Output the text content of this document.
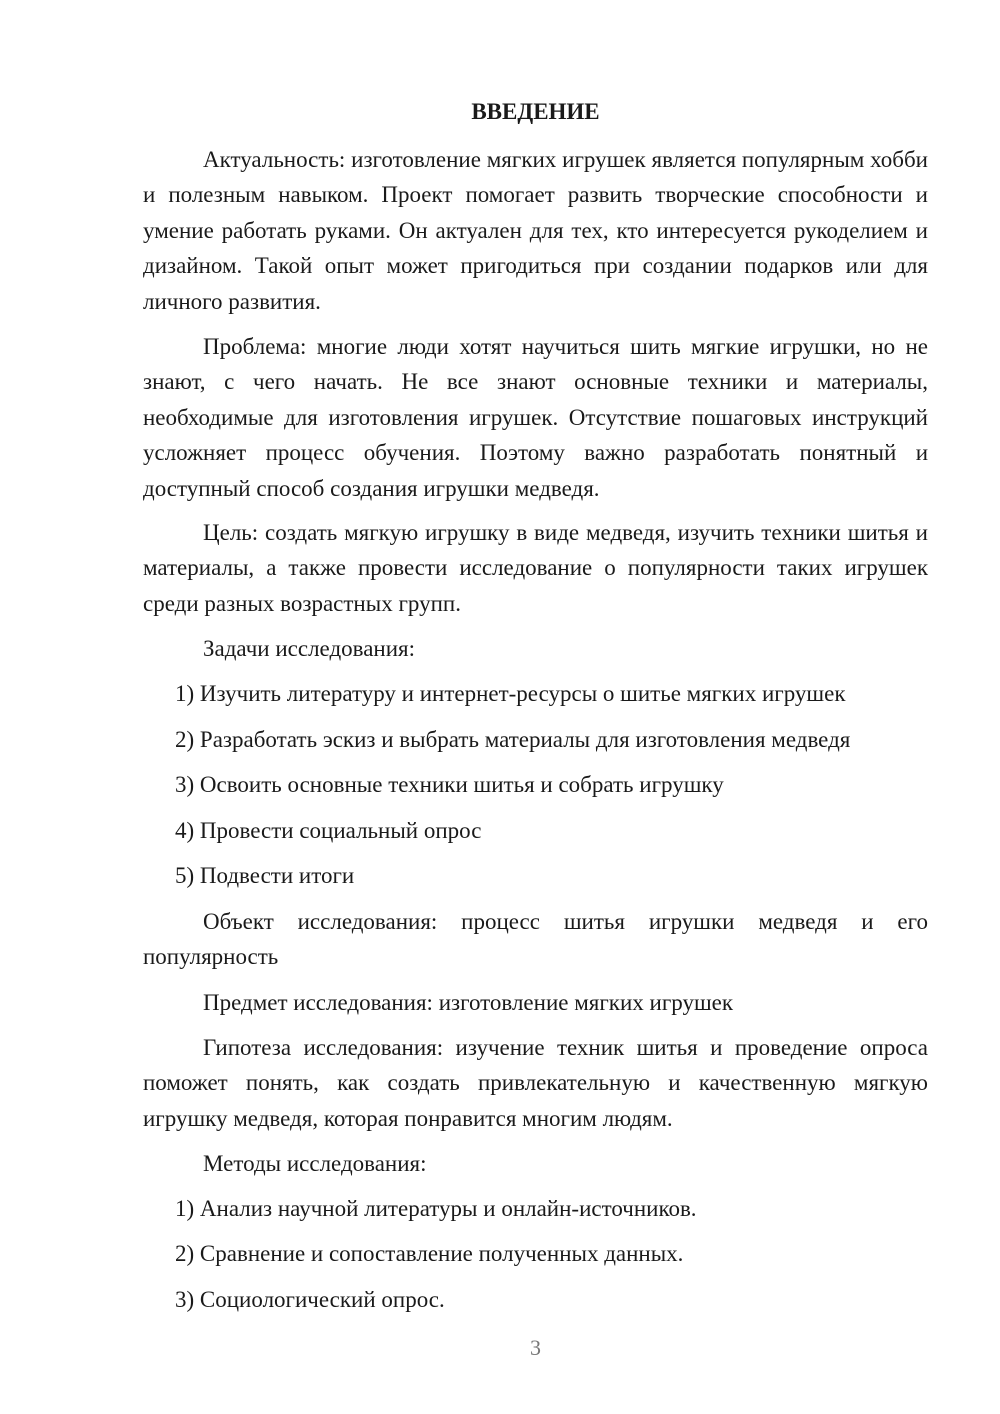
ВВЕДЕНИЕ

Актуальность: изготовление мягких игрушек является популярным хобби и полезным навыком. Проект помогает развить творческие способности и умение работать руками. Он актуален для тех, кто интересуется рукоделием и дизайном. Такой опыт может пригодиться при создании подарков или для личного развития.

Проблема: многие люди хотят научиться шить мягкие игрушки, но не знают, с чего начать. Не все знают основные техники и материалы, необходимые для изготовления игрушек. Отсутствие пошаговых инструкций усложняет процесс обучения. Поэтому важно разработать понятный и доступный способ создания игрушки медведя.

Цель: создать мягкую игрушку в виде медведя, изучить техники шитья и материалы, а также провести исследование о популярности таких игрушек среди разных возрастных групп.

Задачи исследования:

1) Изучить литературу и интернет-ресурсы о шитье мягких игрушек

2) Разработать эскиз и выбрать материалы для изготовления медведя

3) Освоить основные техники шитья и собрать игрушку

4) Провести социальный опрос

5) Подвести итоги

Объект исследования: процесс шитья игрушки медведя и его популярность

Предмет исследования: изготовление мягких игрушек

Гипотеза исследования: изучение техник шитья и проведение опроса поможет понять, как создать привлекательную и качественную мягкую игрушку медведя, которая понравится многим людям.

Методы исследования:

1) Анализ научной литературы и онлайн-источников.

2) Сравнение и сопоставление полученных данных.

3) Социологический опрос.

3
